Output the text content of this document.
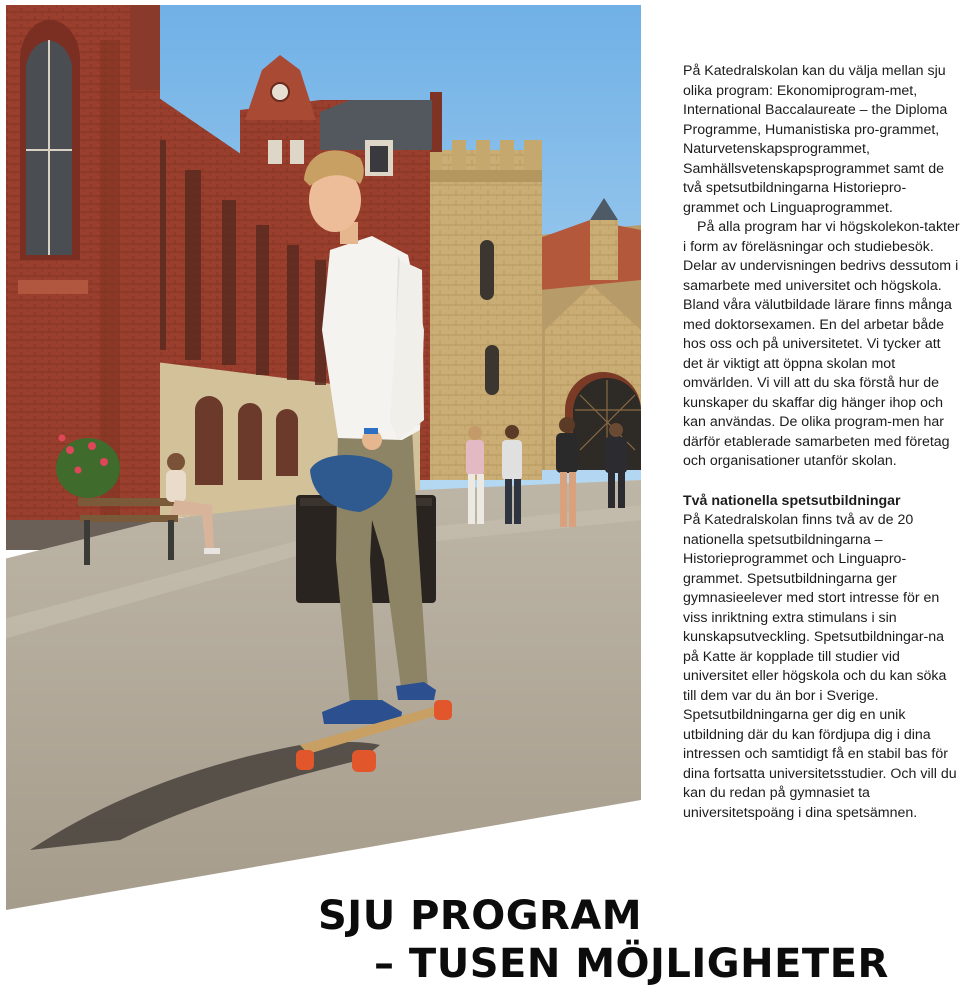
På Katedralskolan kan du välja mellan sju olika program: Ekonomiprogram-met, International Baccalaureate – the Diploma Programme, Humanistiska pro-grammet, Naturvetenskapsprogrammet, Samhällsvetenskapsprogrammet samt de två spetsutbildningarna Historiepro-grammet och Linguaprogrammet.

På alla program har vi högskolekon-takter i form av föreläsningar och studiebesök. Delar av undervisningen bedrivs dessutom i samarbete med universitet och högskola. Bland våra välutbildade lärare finns många med doktorsexamen. En del arbetar både hos oss och på universitetet. Vi tycker att det är viktigt att öppna skolan mot omvärlden. Vi vill att du ska förstå hur de kunskaper du skaffar dig hänger ihop och kan användas. De olika program-men har därför etablerade samarbeten med företag och organisationer utanför skolan.

Två nationella spetsutbildningar

På Katedralskolan finns två av de 20 nationella spetsutbildningarna – Historieprogrammet och Linguapro-grammet. Spetsutbildningarna ger gymnasieelever med stort intresse för en viss inriktning extra stimulans i sin kunskapsutveckling. Spetsutbildningar-na på Katte är kopplade till studier vid universitet eller högskola och du kan söka till dem var du än bor i Sverige. Spetsutbildningarna ger dig en unik utbildning där du kan fördjupa dig i dina intressen och samtidigt få en stabil bas för dina fortsatta universitetsstudier. Och vill du kan du redan på gymnasiet ta universitetspoäng i dina spetsämnen.

SJU PROGRAM
– TUSEN MÖJLIGHETER
